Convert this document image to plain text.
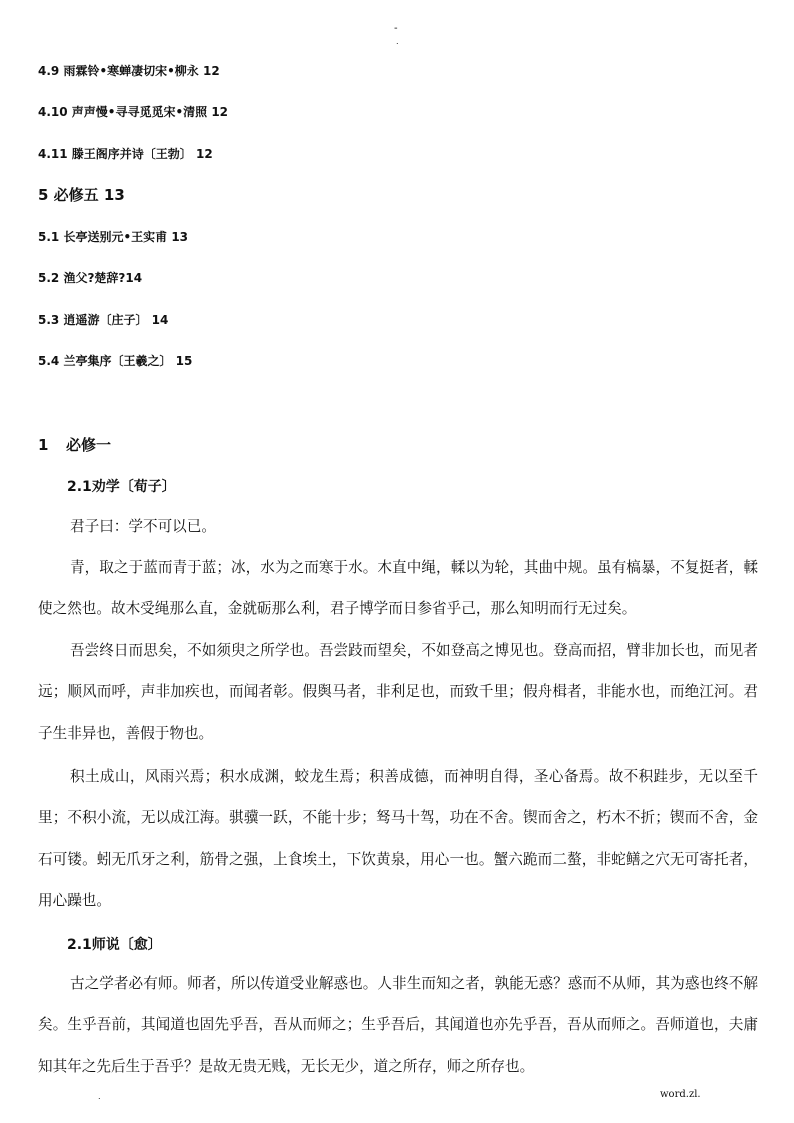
-
.
4.9 雨霖铃•寒蝉凄切宋•柳永 12
4.10 声声慢•寻寻觅觅宋•清照 12
4.11 滕王阁序并诗〔王勃〕 12
5 必修五 13
5.1 长亭送别元•王实甫 13
5.2 渔父?楚辞?14
5.3 逍遥游〔庄子〕 14
5.4 兰亭集序〔王羲之〕 15
1 必修一
2.1劝学〔荀子〕

君子曰：学不可以已。

青，取之于蓝而青于蓝；冰，水为之而寒于水。木直中绳，輮以为轮，其曲中规。虽有槁暴，不复挺者，輮使之然也。故木受绳那么直，金就砺那么利，君子博学而日参省乎己，那么知明而行无过矣。

吾尝终日而思矣，不如须臾之所学也。吾尝跂而望矣，不如登高之博见也。登高而招，臂非加长也，而见者远；顺风而呼，声非加疾也，而闻者彰。假舆马者，非利足也，而致千里；假舟楫者，非能水也，而绝江河。君子生非异也，善假于物也。

积土成山，风雨兴焉；积水成渊，蛟龙生焉；积善成德，而神明自得，圣心备焉。故不积跬步，无以至千里；不积小流，无以成江海。骐骥一跃，不能十步；驽马十驾，功在不舍。锲而舍之，朽木不折；锲而不舍，金石可镂。蚓无爪牙之利，筋骨之强，上食埃土，下饮黄泉，用心一也。蟹六跪而二螯，非蛇鳝之穴无可寄托者，用心躁也。

2.1师说〔愈〕

古之学者必有师。师者，所以传道受业解惑也。人非生而知之者，孰能无惑？惑而不从师，其为惑也终不解矣。生乎吾前，其闻道也固先乎吾，吾从而师之；生乎吾后，其闻道也亦先乎吾，吾从而师之。吾师道也，夫庸知其年之先后生于吾乎？是故无贵无贱，无长无少，道之所存，师之所存也。

.	word.zl.
